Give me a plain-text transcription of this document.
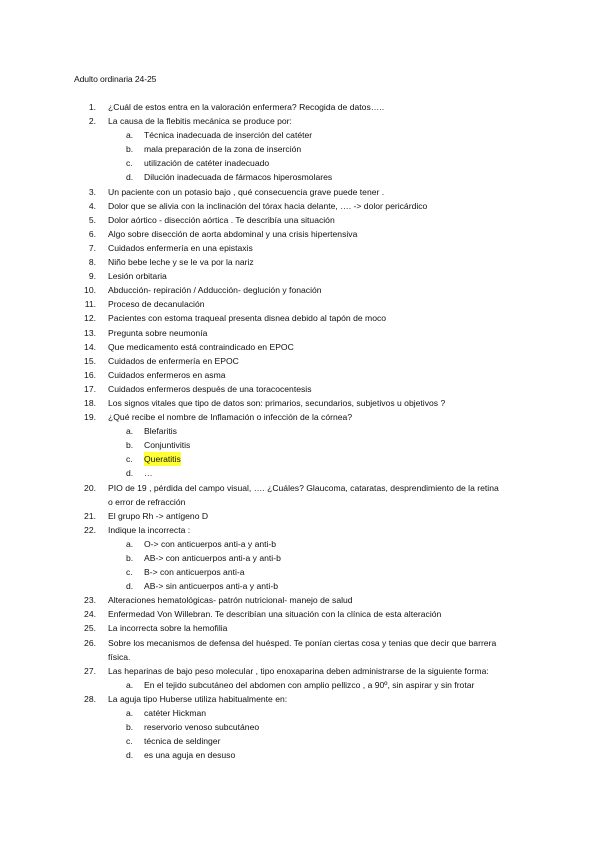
Adulto ordinaria 24-25
1. ¿Cuál de estos entra en la valoración enfermera? Recogida de datos…..
2. La causa de la flebitis mecánica se produce por:
a. Técnica inadecuada de inserción del catéter
b. mala preparación de la zona de inserción
c. utilización de catéter inadecuado
d. Dilución inadecuada de fármacos hiperosmolares
3. Un paciente con un potasio bajo , qué consecuencia grave puede tener .
4. Dolor que se alivia con la inclinación del tórax hacia delante, …. -> dolor pericárdico
5. Dolor aórtico - disección aórtica . Te describía una situación
6. Algo sobre disección de aorta abdominal y una crisis hipertensiva
7. Cuidados enfermería en una epistaxis
8. Niño bebe leche y se le va por la nariz
9. Lesión orbitaria
10. Abducción- repiración / Adducción- deglución y fonación
11. Proceso de decanulación
12. Pacientes con estoma traqueal presenta disnea debido al tapón de moco
13. Pregunta sobre neumonía
14. Que medicamento está contraindicado en EPOC
15. Cuidados de enfermería en EPOC
16. Cuidados enfermeros en asma
17. Cuidados enfermeros después de una toracocentesis
18. Los signos vitales que tipo de datos son: primarios, secundarios, subjetivos u objetivos ?
19. ¿Qué recibe el nombre de Inflamación o infección de la córnea?
a. Blefaritis
b. Conjuntivitis
c. Queratitis
d. …
20. PIO de 19 , pérdida del campo visual, …. ¿Cuáles? Glaucoma, cataratas, desprendimiento de la retina
o error de refracción
21. El grupo Rh -> antígeno D
22. Indique la incorrecta :
a. O-> con anticuerpos anti-a y anti-b
b. AB-> con anticuerpos anti-a y anti-b
c. B-> con anticuerpos anti-a
d. AB-> sin anticuerpos anti-a y anti-b
23. Alteraciones hematológicas- patrón nutricional- manejo de salud
24. Enfermedad Von Willebran. Te describían una situación con la clínica de esta alteración
25. La incorrecta sobre la hemofilia
26. Sobre los mecanismos de defensa del huésped. Te ponían ciertas cosa y tenias que decir que barrera
física.
27. Las heparinas de bajo peso molecular , tipo enoxaparina deben administrarse de la siguiente forma:
a. En el tejido subcutáneo del abdomen con amplio pellizco , a 90º, sin aspirar y sin frotar
28. La aguja tipo Huberse utiliza habitualmente en:
a. catéter Hickman
b. reservorio venoso subcutáneo
c. técnica de seldinger
d. es una aguja en desuso
